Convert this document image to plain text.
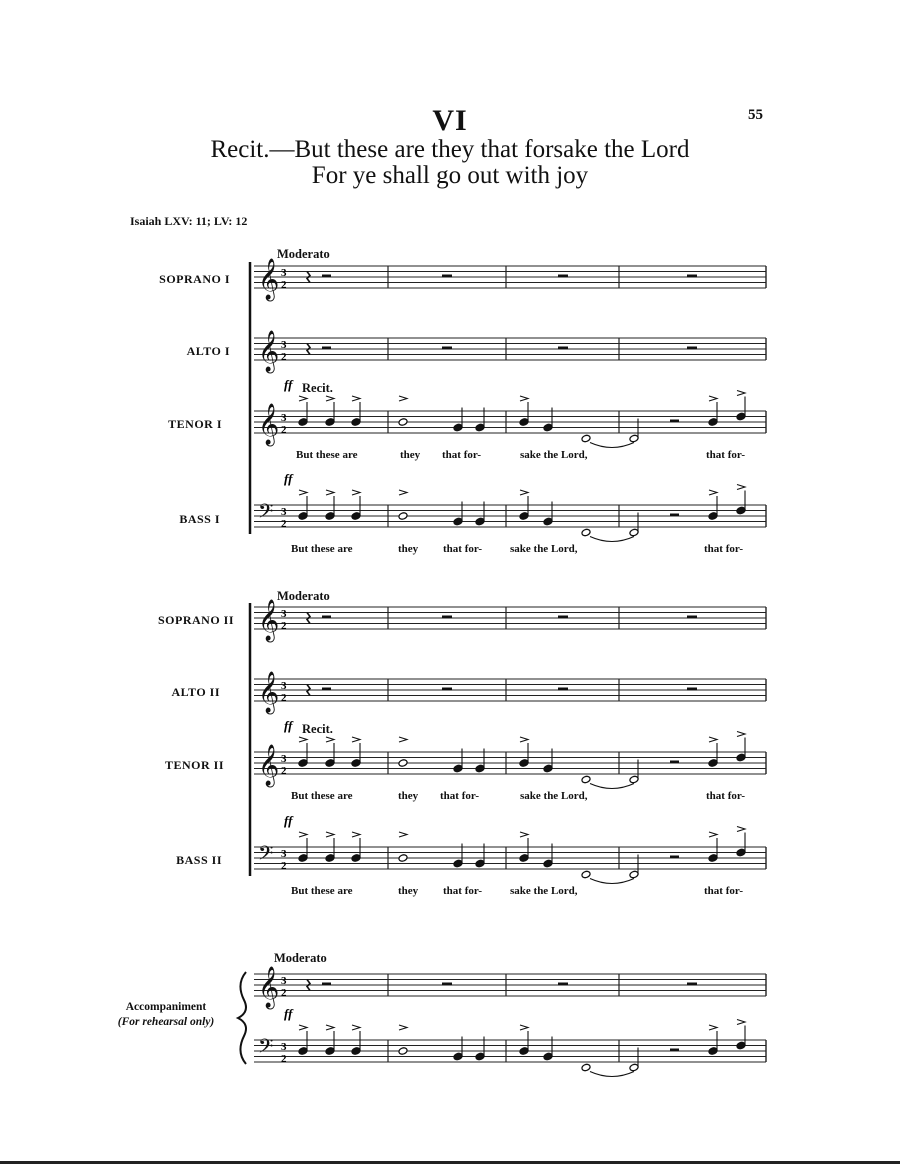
VI	55
Recit.—But these are they that forsake the Lord
For ye shall go out with joy
Isaiah LXV: 11; LV: 12
Moderato
Moderato
Moderato
Recit.
Recit.
SOPRANO I
ALTO I
TENOR I
BASS I
SOPRANO II
ALTO II
TENOR II
BASS II
Accompaniment
(For rehearsal only)
But these are	they that for-	sake the Lord,	that for-
But these are	they that for-	sake the Lord,	that for-
But these are	they that for-	sake the Lord,	that for-
But these are	they that for-	sake the Lord,	that for-
𝄞 3
2
𝄞 3
2
𝄞 3
2
ff
𝄢 3
2
ff
𝄞 3
2
𝄞 3
2
𝄞 3
2
ff
𝄢 3
2
ff
𝄞 3
2
𝄢 3
2
ff
